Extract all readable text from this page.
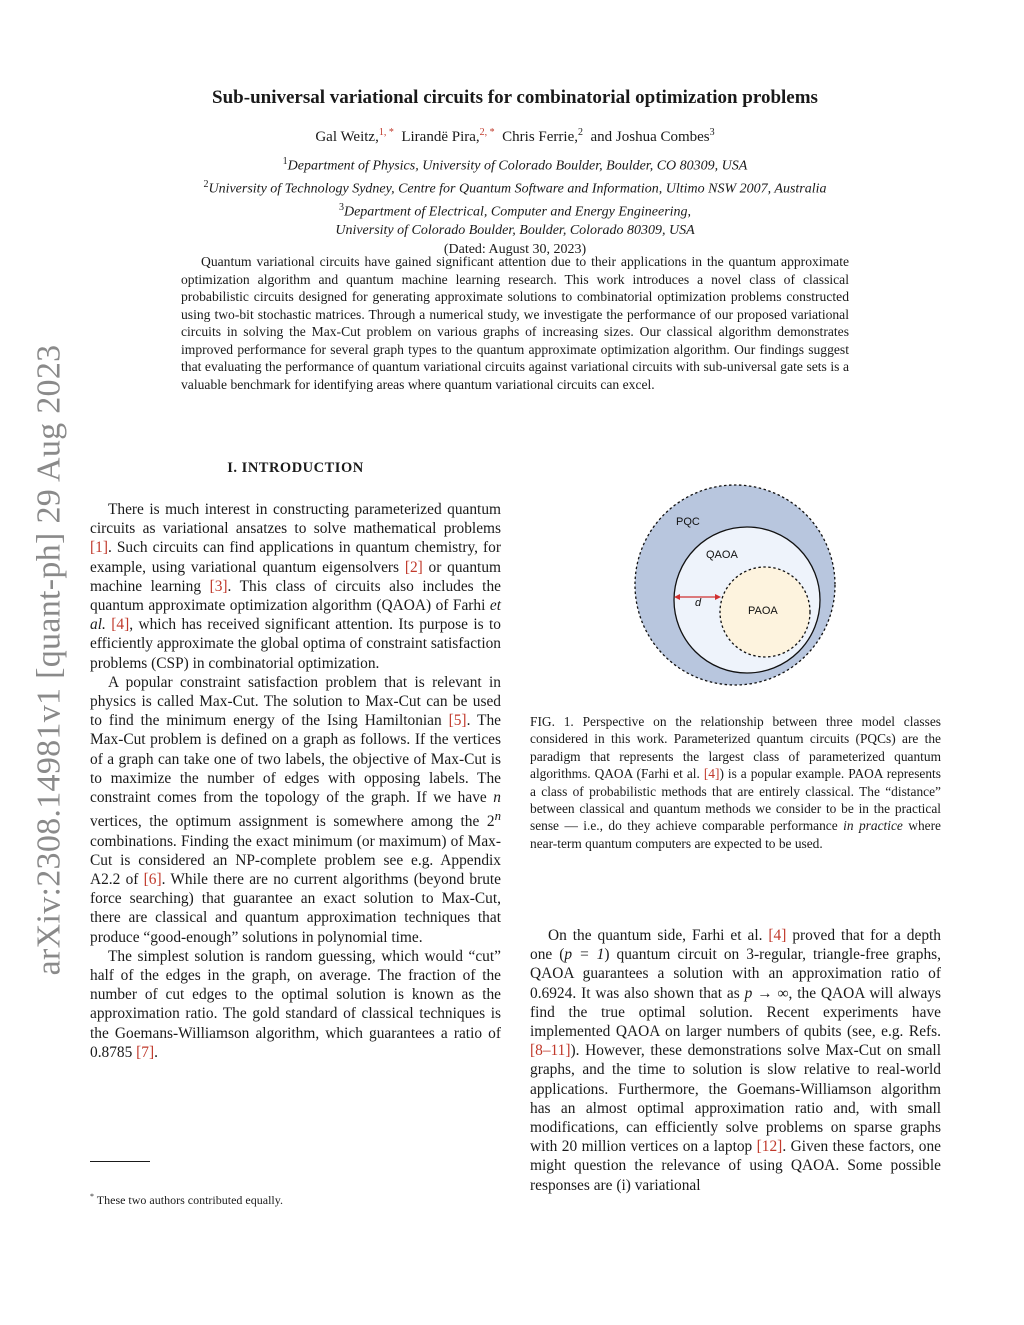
arXiv:2308.14981v1 [quant-ph] 29 Aug 2023
Sub-universal variational circuits for combinatorial optimization problems
Gal Weitz,$^{1, *}$ Lirandë Pira,$^{2, *}$ Chris Ferrie,$^2$ and Joshua Combes$^3$
$^1$Department of Physics, University of Colorado Boulder, Boulder, CO 80309, USA
$^2$University of Technology Sydney, Centre for Quantum Software and Information, Ultimo NSW 2007, Australia
$^3$Department of Electrical, Computer and Energy Engineering,
University of Colorado Boulder, Boulder, Colorado 80309, USA
(Dated: August 30, 2023)

Quantum variational circuits have gained significant attention due to their applications in the quantum approximate optimization algorithm and quantum machine learning research. This work introduces a novel class of classical probabilistic circuits designed for generating approximate solutions to combinatorial optimization problems constructed using two-bit stochastic matrices. Through a numerical study, we investigate the performance of our proposed variational circuits in solving the Max-Cut problem on various graphs of increasing sizes. Our classical algorithm demonstrates improved performance for several graph types to the quantum approximate optimization algorithm. Our findings suggest that evaluating the performance of quantum variational circuits against variational circuits with sub-universal gate sets is a valuable benchmark for identifying areas where quantum variational circuits can excel.

I. INTRODUCTION

There is much interest in constructing parameterized quantum circuits as variational ansatzes to solve mathematical problems [1]. Such circuits can find applications in quantum chemistry, for example, using variational quantum eigensolvers [2] or quantum machine learning [3]. This class of circuits also includes the quantum approximate optimization algorithm (QAOA) of Farhi et al. [4], which has received significant attention. Its purpose is to efficiently approximate the global optima of constraint satisfaction problems (CSP) in combinatorial optimization.

A popular constraint satisfaction problem that is relevant in physics is called Max-Cut. The solution to Max-Cut can be used to find the minimum energy of the Ising Hamiltonian [5]. The Max-Cut problem is defined on a graph as follows. If the vertices of a graph can take one of two labels, the objective of Max-Cut is to maximize the number of edges with opposing labels. The constraint comes from the topology of the graph. If we have n vertices, the optimum assignment is somewhere among the 2$^n$ combinations. Finding the exact minimum (or maximum) of Max-Cut is considered an NP-complete problem see e.g. Appendix A2.2 of [6]. While there are no current algorithms (beyond brute force searching) that guarantee an exact solution to Max-Cut, there are classical and quantum approximation techniques that produce “good-enough” solutions in polynomial time.

The simplest solution is random guessing, which would “cut” half of the edges in the graph, on average. The fraction of the number of cut edges to the optimal solution is known as the approximation ratio. The gold standard of classical techniques is the Goemans-Williamson algorithm, which guarantees a ratio of 0.8785 [7].

PQC
QAOA
PAOA
d

FIG. 1. Perspective on the relationship between three model classes considered in this work. Parameterized quantum circuits (PQCs) are the paradigm that represents the largest class of parameterized quantum algorithms. QAOA (Farhi et al. [4]) is a popular example. PAOA represents a class of probabilistic methods that are entirely classical. The “distance” between classical and quantum methods we consider to be in the practical sense — i.e., do they achieve comparable performance in practice where near-term quantum computers are expected to be used.

On the quantum side, Farhi et al. [4] proved that for a depth one (p = 1) quantum circuit on 3-regular, triangle-free graphs, QAOA guarantees a solution with an approximation ratio of 0.6924. It was also shown that as p → ∞, the QAOA will always find the true optimal solution. Recent experiments have implemented QAOA on larger numbers of qubits (see, e.g. Refs. [8–11]). However, these demonstrations solve Max-Cut on small graphs, and the time to solution is slow relative to real-world applications. Furthermore, the Goemans-Williamson algorithm has an almost optimal approximation ratio and, with small modifications, can efficiently solve problems on sparse graphs with 20 million vertices on a laptop [12]. Given these factors, one might question the relevance of using QAOA. Some possible responses are (i) variational

* These two authors contributed equally.
